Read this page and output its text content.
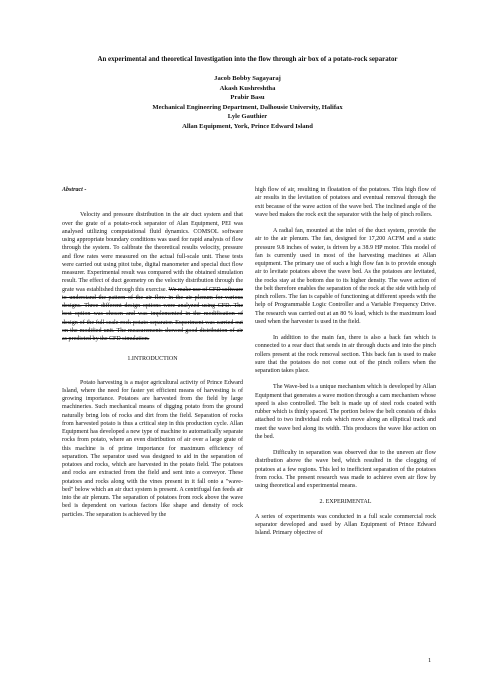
An experimental and theoretical Investigation into the flow through air box of a potato-rock separator

Jacob Bobby Sagayaraj
Akash Kushreshtha
Prabir Basu
Mechanical Engineering Department, Dalhousie University, Halifax
Lyle Gauthier
Allan Equipment, York, Prince Edward Island

Abstract -

Velocity and pressure distribution in the air duct system and that over the grate of a potato-rock separator of Alan Equipment, PEI was analysed utilizing computational fluid dynamics. COMSOL software using appropriate boundary conditions was used for rapid analysis of flow through the system. To calibrate the theoretical results velocity, pressure and flow rates were measured on the actual full-scale unit. These tests were carried out using pitot tube, digital manometer and special duct flow measurer. Experimental result was compared with the obtained simulation result. The effect of duct geometry on the velocity distribution through the grate was established through this exercise. We make use of CFD software to understand the pattern of the air flow in the air plenum for various designs. Three different design options were analyzed using CFD. The best option was chosen and was implemented in the modification of design of the full-scale rock potato separator. Experiment was carried out on the modified unit. The measurements showed good distribution of air as predicted by the CFD simulation.

1.INTRODUCTION

Potato harvesting is a major agricultural activity of Prince Edward Island, where the need for faster yet efficient means of harvesting is of growing importance. Potatoes are harvested from the field by large machineries. Such mechanical means of digging potato from the ground naturally bring lots of rocks and dirt from the field. Separation of rocks from harvested potato is thus a critical step in this production cycle. Allan Equipment has developed a new type of machine to automatically separate rocks from potato, where an even distribution of air over a large grate of this machine is of prime importance for maximum efficiency of separation. The separator used was designed to aid in the separation of potatoes and rocks, which are harvested in the potato field. The potatoes and rocks are extracted from the field and sent into a conveyor. These potatoes and rocks along with the vines present in it fall onto a "wave-bed" below which an air duct system is present. A centrifugal fan feeds air into the air plenum. The separation of potatoes from rock above the wave bed is dependent on various factors like shape and density of rock particles. The separation is achieved by the

high flow of air, resulting in floatation of the potatoes. This high flow of air results in the levitation of potatoes and eventual removal through the exit because of the wave action of the wave bed. The inclined angle of the wave bed makes the rock exit the separator with the help of pinch rollers.

A radial fan, mounted at the inlet of the duct system, provide the air to the air plenum. The fan, designed for 17,200 ACFM and a static pressure 9.8 inches of water, is driven by a 38.9 HP motor. This model of fan is currently used in most of the harvesting machines at Allan equipment. The primary use of such a high flow fan is to provide enough air to levitate potatoes above the wave bed. As the potatoes are levitated, the rocks stay at the bottom due to its higher density. The wave action of the belt therefore enables the separation of the rock at the side with help of pinch rollers. The fan is capable of functioning at different speeds with the help of Programmable Logic Controller and a Variable Frequency Drive. The research was carried out at an 80 % load, which is the maximum load used when the harvester is used in the field.

In addition to the main fan, there is also a back fan which is connected to a rear duct that sends in air through ducts and into the pinch rollers present at the rock removal section. This back fan is used to make sure that the potatoes do not come out of the pinch rollers when the separation takes place.

The Wave-bed is a unique mechanism which is developed by Allan Equipment that generates a wave motion through a cam mechanism whose speed is also controlled. The belt is made up of steel rods coated with rubber which is thinly spaced. The portion below the belt consists of disks attached to two individual rods which move along an elliptical track and meet the wave bed along its width. This produces the wave like action on the bed.

Difficulty in separation was observed due to the uneven air flow distribution above the wave bed, which resulted in the clogging of potatoes at a few regions. This led to inefficient separation of the potatoes from rocks. The present research was made to achieve even air flow by using theoretical and experimental means.

2. EXPERIMENTAL

A series of experiments was conducted in a full scale commercial rock separator developed and used by Allan Equipment of Prince Edward Island. Primary objective of

1
